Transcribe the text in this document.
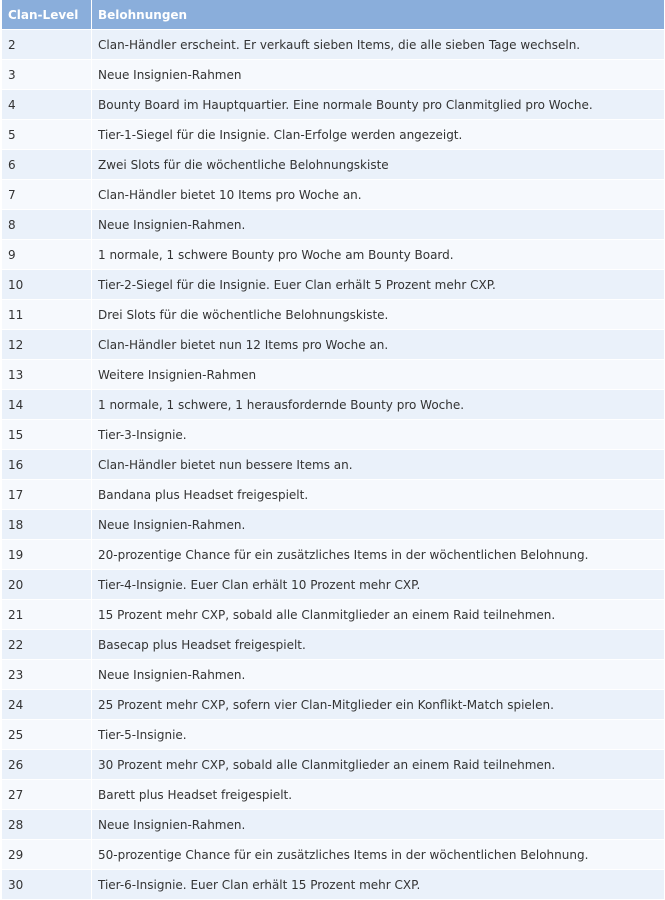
Clan-Level	Belohnungen
2	Clan-Händler erscheint. Er verkauft sieben Items, die alle sieben Tage wechseln.
3	Neue Insignien-Rahmen
4	Bounty Board im Hauptquartier. Eine normale Bounty pro Clanmitglied pro Woche.
5	Tier-1-Siegel für die Insignie. Clan-Erfolge werden angezeigt.
6	Zwei Slots für die wöchentliche Belohnungskiste
7	Clan-Händler bietet 10 Items pro Woche an.
8	Neue Insignien-Rahmen.
9	1 normale, 1 schwere Bounty pro Woche am Bounty Board.
10	Tier-2-Siegel für die Insignie. Euer Clan erhält 5 Prozent mehr CXP.
11	Drei Slots für die wöchentliche Belohnungskiste.
12	Clan-Händler bietet nun 12 Items pro Woche an.
13	Weitere Insignien-Rahmen
14	1 normale, 1 schwere, 1 herausfordernde Bounty pro Woche.
15	Tier-3-Insignie.
16	Clan-Händler bietet nun bessere Items an.
17	Bandana plus Headset freigespielt.
18	Neue Insignien-Rahmen.
19	20-prozentige Chance für ein zusätzliches Items in der wöchentlichen Belohnung.
20	Tier-4-Insignie. Euer Clan erhält 10 Prozent mehr CXP.
21	15 Prozent mehr CXP, sobald alle Clanmitglieder an einem Raid teilnehmen.
22	Basecap plus Headset freigespielt.
23	Neue Insignien-Rahmen.
24	25 Prozent mehr CXP, sofern vier Clan-Mitglieder ein Konflikt-Match spielen.
25	Tier-5-Insignie.
26	30 Prozent mehr CXP, sobald alle Clanmitglieder an einem Raid teilnehmen.
27	Barett plus Headset freigespielt.
28	Neue Insignien-Rahmen.
29	50-prozentige Chance für ein zusätzliches Items in der wöchentlichen Belohnung.
30	Tier-6-Insignie. Euer Clan erhält 15 Prozent mehr CXP.
